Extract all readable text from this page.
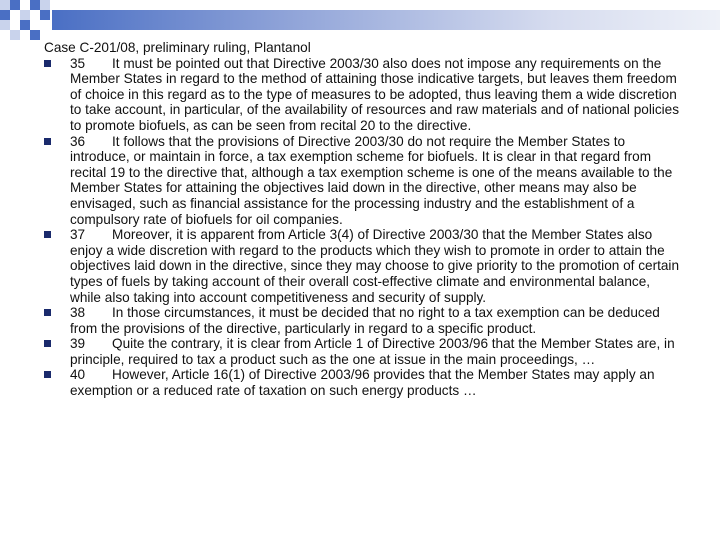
Case C‑201/08, preliminary ruling, Plantanol

35 It must be pointed out that Directive 2003/30 also does not impose any requirements on the Member States in regard to the method of attaining those indicative targets, but leaves them freedom of choice in this regard as to the type of measures to be adopted, thus leaving them a wide discretion to take account, in particular, of the availability of resources and raw materials and of national policies to promote biofuels, as can be seen from recital 20 to the directive.
36 It follows that the provisions of Directive 2003/30 do not require the Member States to introduce, or maintain in force, a tax exemption scheme for biofuels. It is clear in that regard from recital 19 to the directive that, although a tax exemption scheme is one of the means available to the Member States for attaining the objectives laid down in the directive, other means may also be envisaged, such as financial assistance for the processing industry and the establishment of a compulsory rate of biofuels for oil companies.
37 Moreover, it is apparent from Article 3(4) of Directive 2003/30 that the Member States also enjoy a wide discretion with regard to the products which they wish to promote in order to attain the objectives laid down in the directive, since they may choose to give priority to the promotion of certain types of fuels by taking account of their overall cost-effective climate and environmental balance, while also taking into account competitiveness and security of supply.
38 In those circumstances, it must be decided that no right to a tax exemption can be deduced from the provisions of the directive, particularly in regard to a specific product.
39 Quite the contrary, it is clear from Article 1 of Directive 2003/96 that the Member States are, in principle, required to tax a product such as the one at issue in the main proceedings, …
40 However, Article 16(1) of Directive 2003/96 provides that the Member States may apply an exemption or a reduced rate of taxation on such energy products …
